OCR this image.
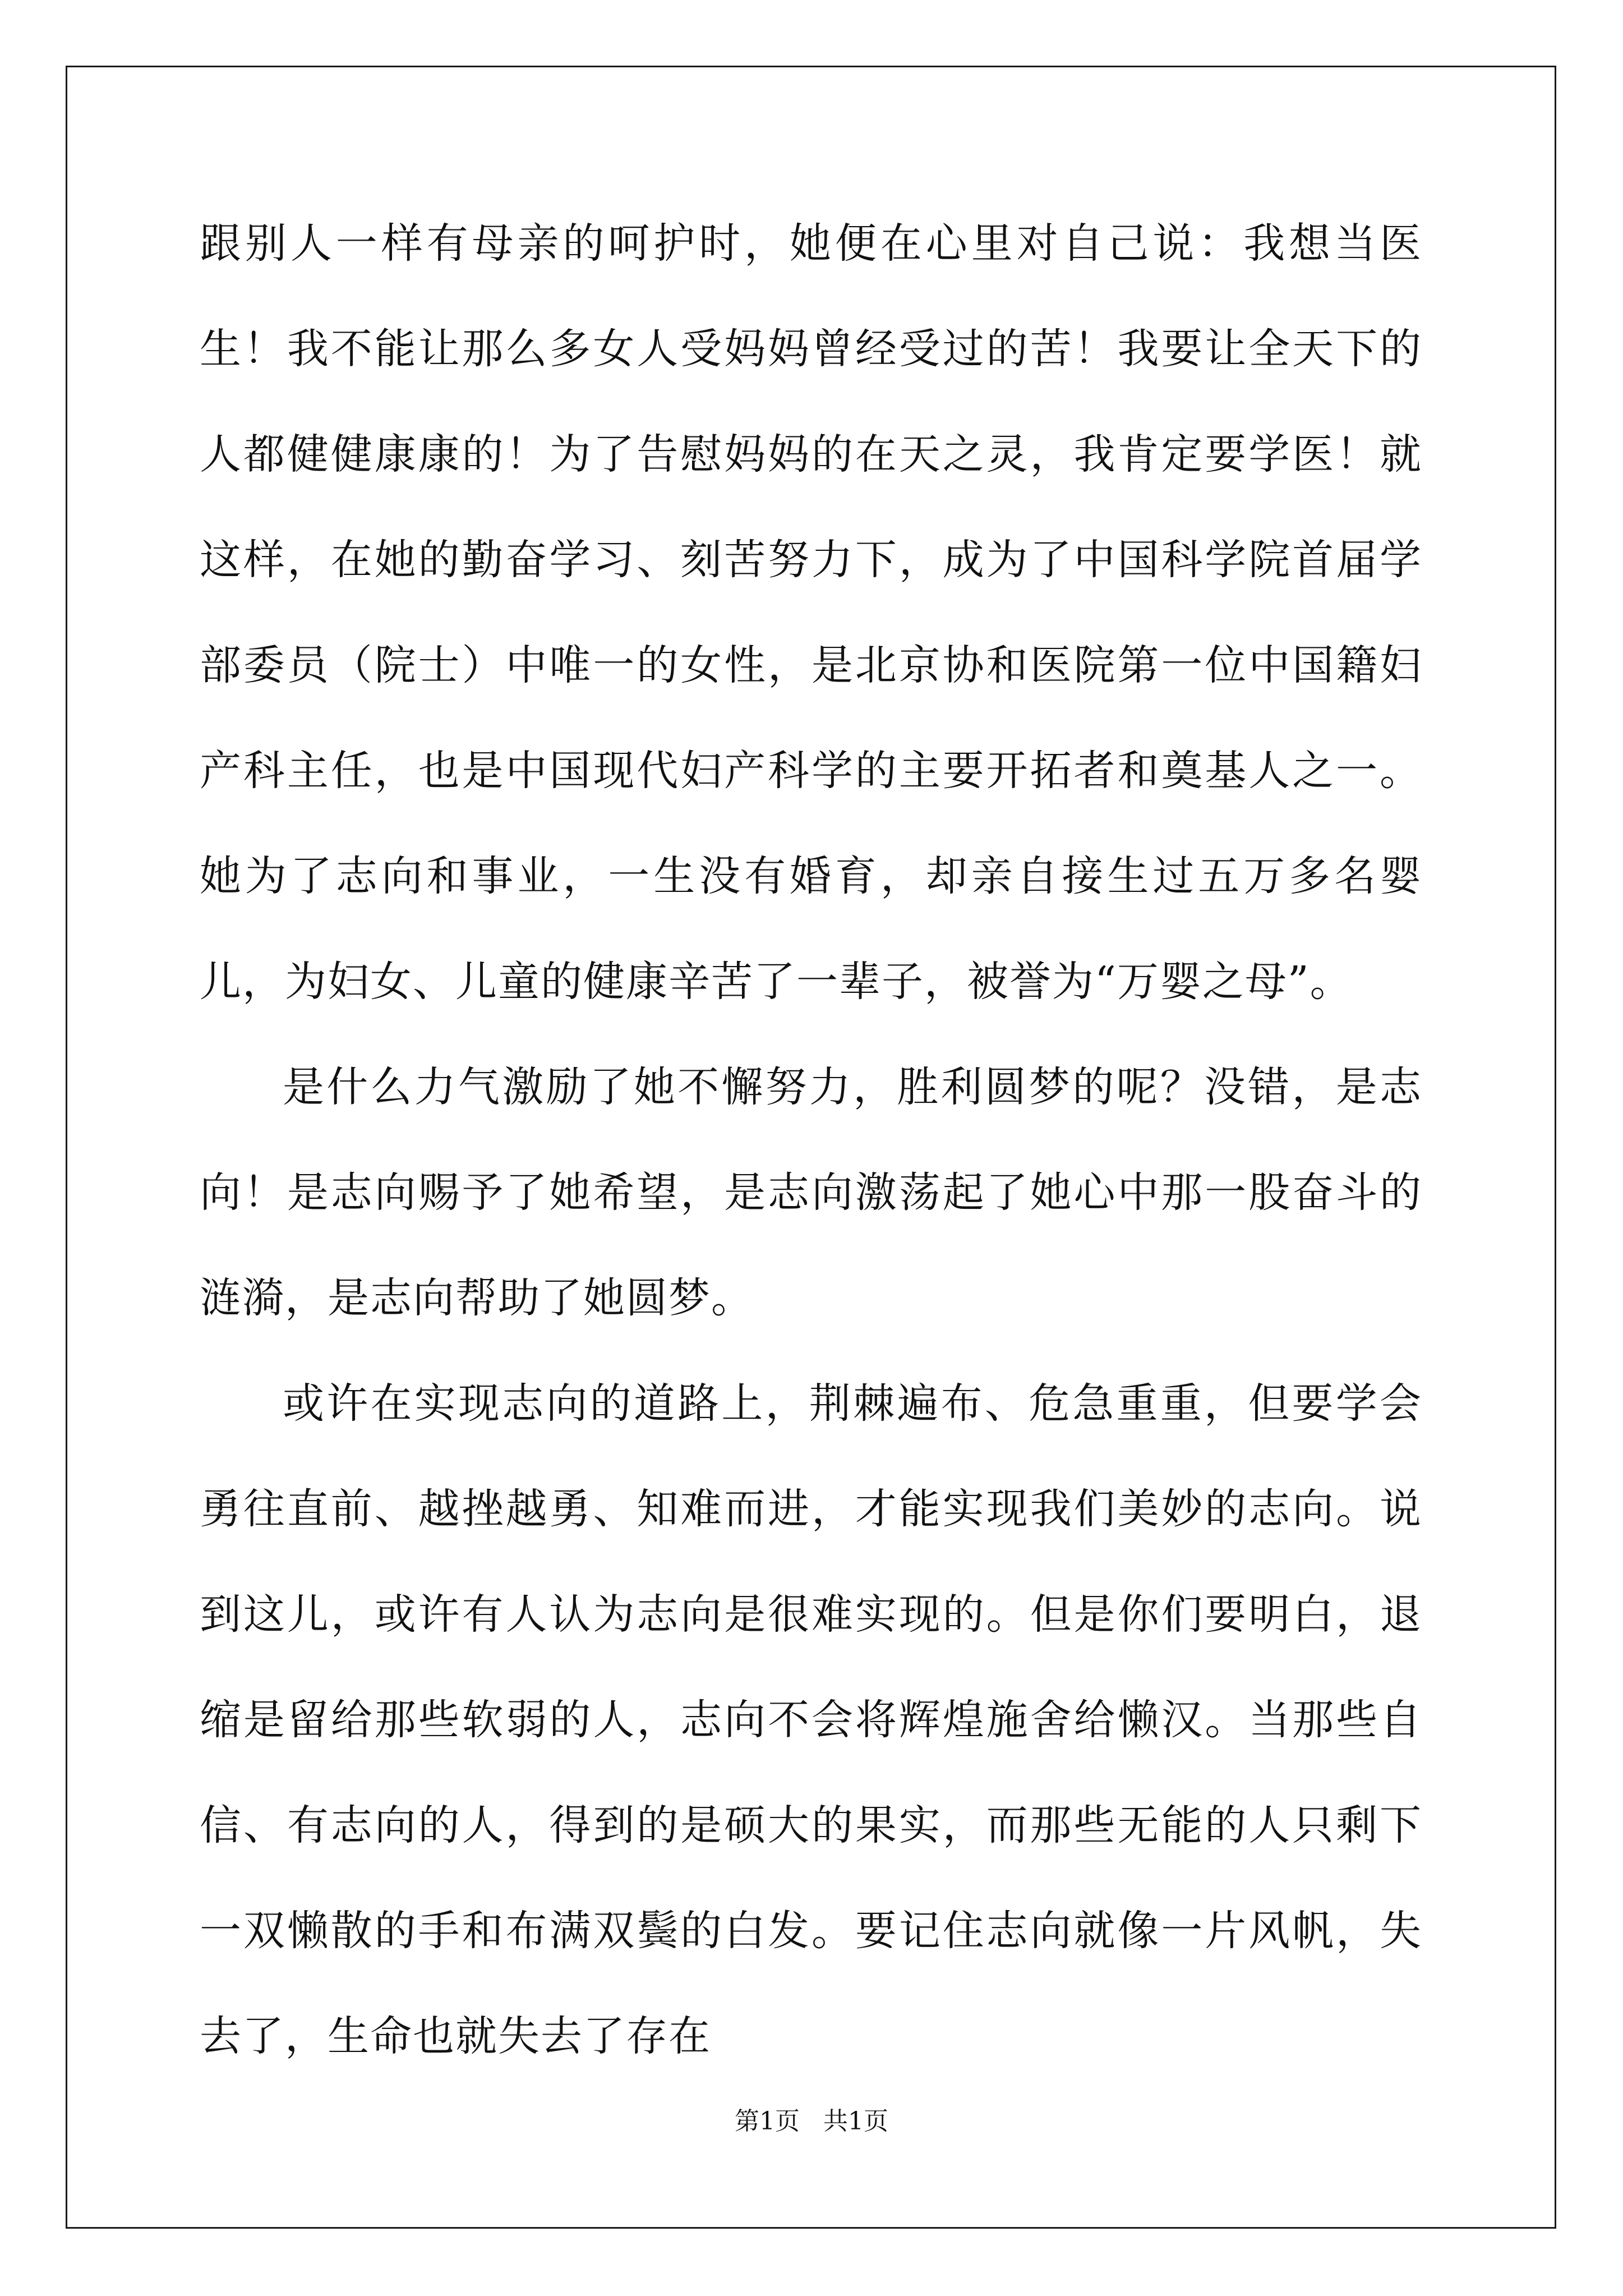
跟别人一样有母亲的呵护时，她便在心里对自己说：我想当医生！我不能让那么多女人受妈妈曾经受过的苦！我要让全天下的人都健健康康的！为了告慰妈妈的在天之灵，我肯定要学医！就这样，在她的勤奋学习、刻苦努力下，成为了中国科学院首届学部委员（院士）中唯一的女性，是北京协和医院第一位中国籍妇产科主任，也是中国现代妇产科学的主要开拓者和奠基人之一。她为了志向和事业，一生没有婚育，却亲自接生过五万多名婴儿，为妇女、儿童的健康辛苦了一辈子，被誉为“万婴之母”。

是什么力气激励了她不懈努力，胜利圆梦的呢？没错，是志向！是志向赐予了她希望，是志向激荡起了她心中那一股奋斗的涟漪，是志向帮助了她圆梦。

或许在实现志向的道路上，荆棘遍布、危急重重，但要学会勇往直前、越挫越勇、知难而进，才能实现我们美妙的志向。说到这儿，或许有人认为志向是很难实现的。但是你们要明白，退缩是留给那些软弱的人，志向不会将辉煌施舍给懒汉。当那些自信、有志向的人，得到的是硕大的果实，而那些无能的人只剩下一双懒散的手和布满双鬓的白发。要记住志向就像一片风帆，失去了，生命也就失去了存在

第1页   共1页
